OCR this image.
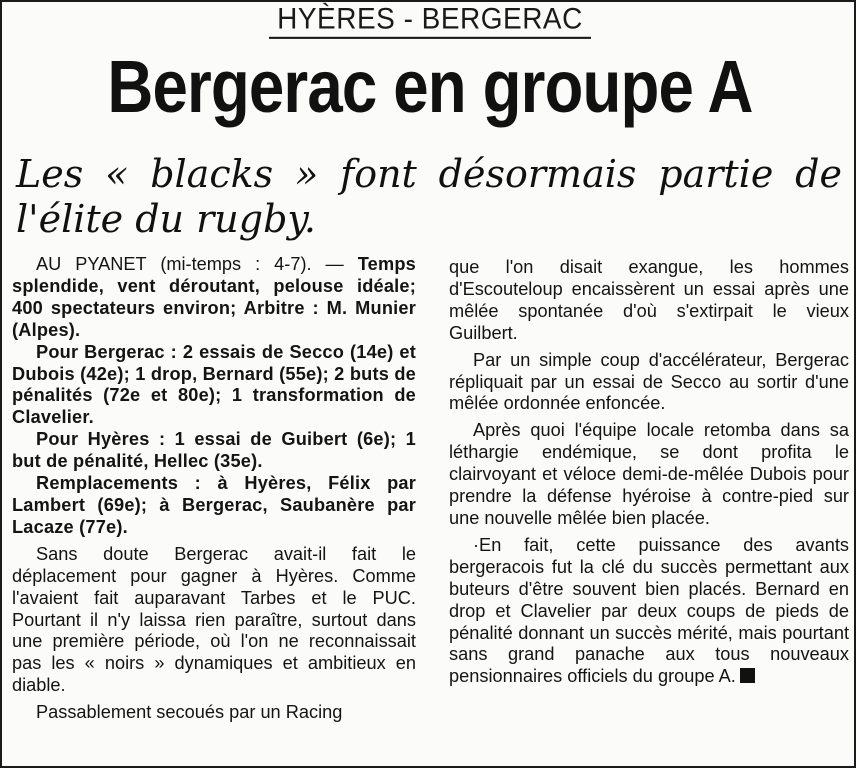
HYÈRES - BERGERAC
Bergerac en groupe A
Les « blacks » font désormais partie de l'élite du rugby.

AU PYANET (mi-temps : 4-7). — Temps splendide, vent déroutant, pelouse idéale; 400 spectateurs environ; Arbitre : M. Munier (Alpes).

Pour Bergerac : 2 essais de Secco (14e) et Dubois (42e); 1 drop, Bernard (55e); 2 buts de pénalités (72e et 80e); 1 transformation de Clavelier.

Pour Hyères : 1 essai de Guibert (6e); 1 but de pénalité, Hellec (35e).

Remplacements : à Hyères, Félix par Lambert (69e); à Bergerac, Saubanère par Lacaze (77e).

Sans doute Bergerac avait-il fait le déplacement pour gagner à Hyères. Comme l'avaient fait auparavant Tarbes et le PUC. Pourtant il n'y laissa rien paraître, surtout dans une première période, où l'on ne reconnaissait pas les « noirs » dynamiques et ambitieux en diable.

Passablement secoués par un Racing

que l'on disait exangue, les hommes d'Escouteloup encaissèrent un essai après une mêlée spontanée d'où s'extirpait le vieux Guilbert.

Par un simple coup d'accélérateur, Bergerac répliquait par un essai de Secco au sortir d'une mêlée ordonnée enfoncée.

Après quoi l'équipe locale retomba dans sa léthargie endémique, se dont profita le clairvoyant et véloce demi-de-mêlée Dubois pour prendre la défense hyéroise à contre-pied sur une nouvelle mêlée bien placée.

·En fait, cette puissance des avants bergeracois fut la clé du succès permettant aux buteurs d'être souvent bien placés. Bernard en drop et Clavelier par deux coups de pieds de pénalité donnant un succès mérité, mais pourtant sans grand panache aux tous nouveaux pensionnaires officiels du groupe A.
